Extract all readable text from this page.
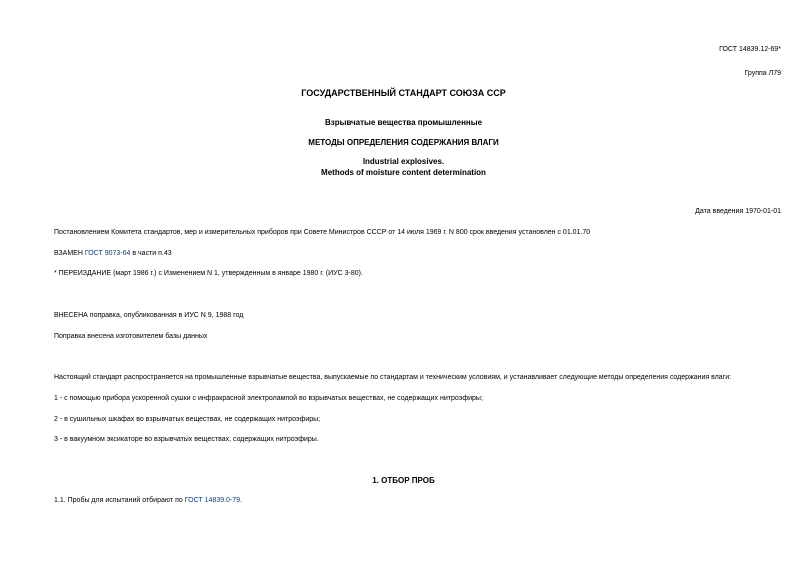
ГОСТ 14839.12-69*
Группа Л79
ГОСУДАРСТВЕННЫЙ СТАНДАРТ СОЮЗА ССР
Взрывчатые вещества промышленные
МЕТОДЫ ОПРЕДЕЛЕНИЯ СОДЕРЖАНИЯ ВЛАГИ
Industrial explosives.
Methods of moisture content determination
Дата введения 1970-01-01
Постановлением Комитета стандартов, мер и измерительных приборов при Совете Министров СССР от 14 июля 1969 г. N 800 срок введения установлен с 01.01.70
ВЗАМЕН ГОСТ 9073-64 в части п.43
* ПЕРЕИЗДАНИЕ (март 1986 г.) с Изменением N 1, утвержденным в январе 1980 г. (ИУС 3-80).
ВНЕСЕНА поправка, опубликованная в ИУС N 9, 1988 год
Поправка внесена изготовителем базы данных
Настоящий стандарт распространяется на промышленные взрывчатые вещества, выпускаемые по стандартам и техническим условиям, и устанавливает следующие методы определения содержания влаги:
1 - с помощью прибора ускоренной сушки с инфракрасной электролампой во взрывчатых веществах, не содержащих нитроэфиры;
2 - в сушильных шкафах во взрывчатых веществах, не содержащих нитроэфиры;
3 - в вакуумном эксикаторе во взрывчатых веществах, содержащих нитроэфиры.
1. ОТБОР ПРОБ
1.1. Пробы для испытаний отбирают по ГОСТ 14839.0-79.
